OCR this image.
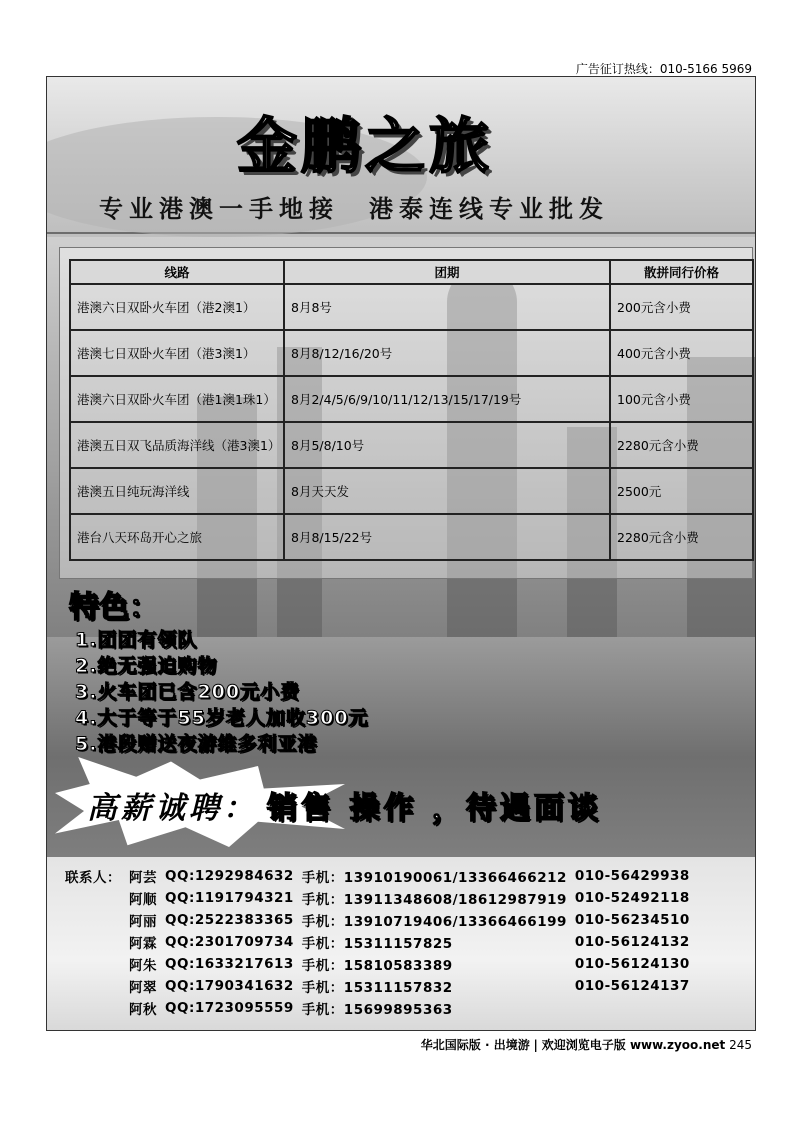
广告征订热线：010-5166 5969
金鹏之旅
专业港澳一手地接　港泰连线专业批发
线路	团期	散拼同行价格
港澳六日双卧火车团（港2澳1）	8月8号	200元含小费
港澳七日双卧火车团（港3澳1）	8月8/12/16/20号	400元含小费
港澳六日双卧火车团（港1澳1珠1）	8月2/4/5/6/9/10/11/12/13/15/17/19号	100元含小费
港澳五日双飞品质海洋线（港3澳1）	8月5/8/10号	2280元含小费
港澳五日纯玩海洋线	8月天天发	2500元
港台八天环岛开心之旅	8月8/15/22号	2280元含小费
特色：
1.团团有领队
2.绝无强迫购物
3.火车团已含200元小费
4.大于等于55岁老人加收300元
5.港段赠送夜游维多利亚港
高薪诚聘： 销售 操作 ，待遇面谈
联系人：	阿芸	QQ:1292984632	手机：13910190061/13366466212	010-56429938
	阿顺	QQ:1191794321	手机：13911348608/18612987919	010-52492118
	阿丽	QQ:2522383365	手机：13910719406/13366466199	010-56234510
	阿霖	QQ:2301709734	手机：15311157825	010-56124132
	阿朱	QQ:1633217613	手机：15810583389	010-56124130
	阿翠	QQ:1790341632	手机：15311157832	010-56124137
	阿秋	QQ:1723095559	手机：15699895363	
华北国际版 · 出境游 | 欢迎浏览电子版 www.zyoo.net 245
